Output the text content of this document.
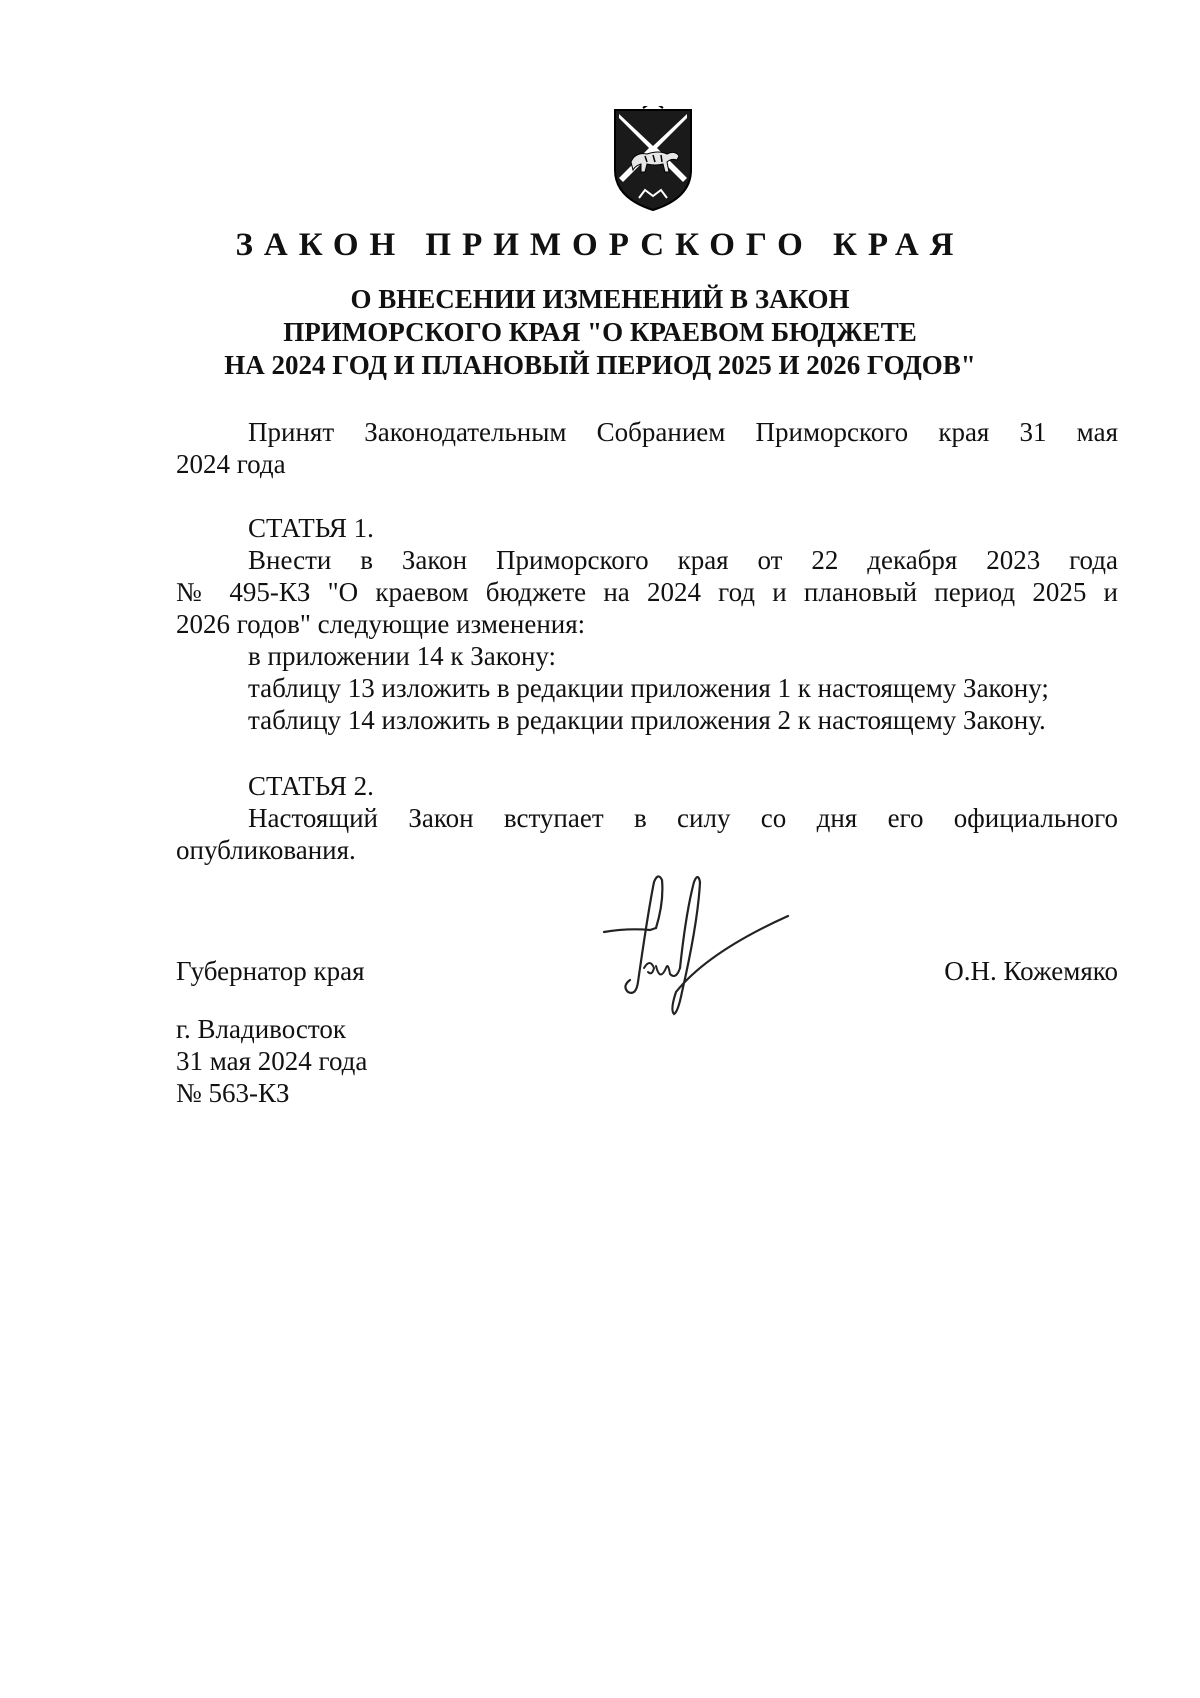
ЗАКОН ПРИМОРСКОГО КРАЯ
О ВНЕСЕНИИ ИЗМЕНЕНИЙ В ЗАКОН
ПРИМОРСКОГО КРАЯ "О КРАЕВОМ БЮДЖЕТЕ
НА 2024 ГОД И ПЛАНОВЫЙ ПЕРИОД 2025 И 2026 ГОДОВ"
Принят Законодательным Собранием Приморского края 31 мая
2024 года
СТАТЬЯ 1.
Внести в Закон Приморского края от 22 декабря 2023 года
№ 495-КЗ "О краевом бюджете на 2024 год и плановый период 2025 и
2026 годов" следующие изменения:
в приложении 14 к Закону:
таблицу 13 изложить в редакции приложения 1 к настоящему Закону;
таблицу 14 изложить в редакции приложения 2 к настоящему Закону.
СТАТЬЯ 2.
Настоящий Закон вступает в силу со дня его официального
опубликования.
Губернатор края	О.Н. Кожемяко
г. Владивосток
31 мая 2024 года
№ 563-КЗ
